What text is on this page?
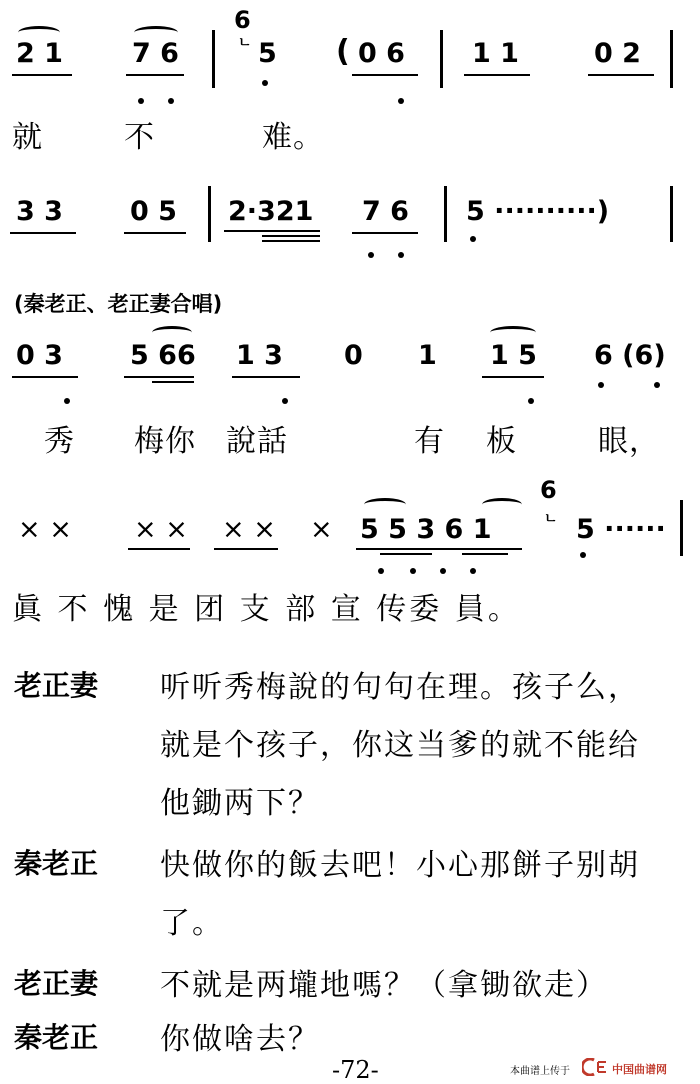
2 1	7 6
6
ㄴ 5 ( 0 6 1 1	0 2
就	不	难。
3 3 0 5 2·321 7 6 5 ··········)
(秦老正、老正妻合唱)
0 3 5 66 1 3 0 1 1 5 6 (6)
秀 梅你 說話	有 板	眼，
× × × × × × × 5 5 3 6 1
6
ㄴ 5 ······
眞 不 愧 是 团 支 部 宣 传委 員。
老正妻 听听秀梅說的句句在理。孩子么，
就是个孩子，你这当爹的就不能给
他鋤两下？
秦老正 快做你的飯去吧！小心那餅子别胡
了。
老正妻 不就是两壠地嗎？（拿锄欲走）
秦老正 你做啥去？
-72-	本曲谱上传于	中国曲谱网
